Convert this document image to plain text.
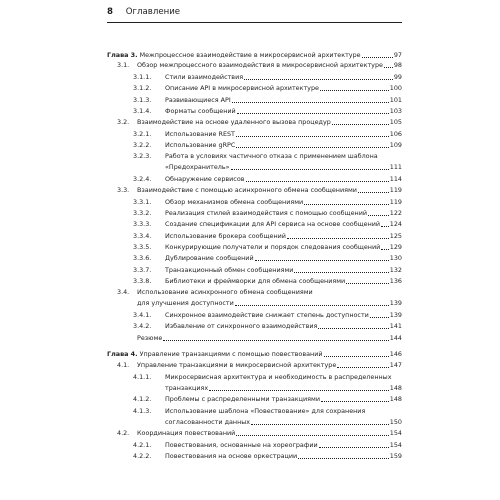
8 Оглавление
Глава 3. Межпроцессное взаимодействие в микросервисной архитектуре	97
3.1.	Обзор межпроцессного взаимодействия в микросервисной архитектуре 98
3.1.1.	Стили взаимодействия	99
3.1.2.	Описание API в микросервисной архитектуре	100
3.1.3.	Развивающиеся API	101
3.1.4.	Форматы сообщений	103
3.2.	Взаимодействие на основе удаленного вызова процедур	105
3.2.1.	Использование REST	106
3.2.2.	Использование gRPC	109
3.2.3.	Работа в условиях частичного отказа с применением шаблона
«Предохранитель»	111
3.2.4.	Обнаружение сервисов	114
3.3.	Взаимодействие с помощью асинхронного обмена сообщениями	119
3.3.1.	Обзор механизмов обмена сообщениями	119
3.3.2.	Реализация стилей взаимодействия с помощью сообщений	122
3.3.3.	Создание спецификации для API сервиса на основе сообщений 124
3.3.4.	Использование брокера сообщений	125
3.3.5.	Конкурирующие получатели и порядок следования сообщений 129
3.3.6.	Дублирование сообщений	130
3.3.7.	Транзакционный обмен сообщениями	132
3.3.8.	Библиотеки и фреймворки для обмена сообщениями	136
3.4.	Использование асинхронного обмена сообщениями
для улучшения доступности	139
3.4.1.	Синхронное взаимодействие снижает степень доступности	139
3.4.2.	Избавление от синхронного взаимодействия	141
Резюме	144
Глава 4. Управление транзакциями с помощью повествований	146
4.1.	Управление транзакциями в микросервисной архитектуре	147
4.1.1.	Микросервисная архитектура и необходимость в распределенных
транзакциях	148
4.1.2.	Проблемы с распределенными транзакциями	148
4.1.3.	Использование шаблона «Повествование» для сохранения
согласованности данных	150
4.2.	Координация повествований	154
4.2.1.	Повествования, основанные на хореографии	154
4.2.2.	Повествования на основе оркестрации	159
